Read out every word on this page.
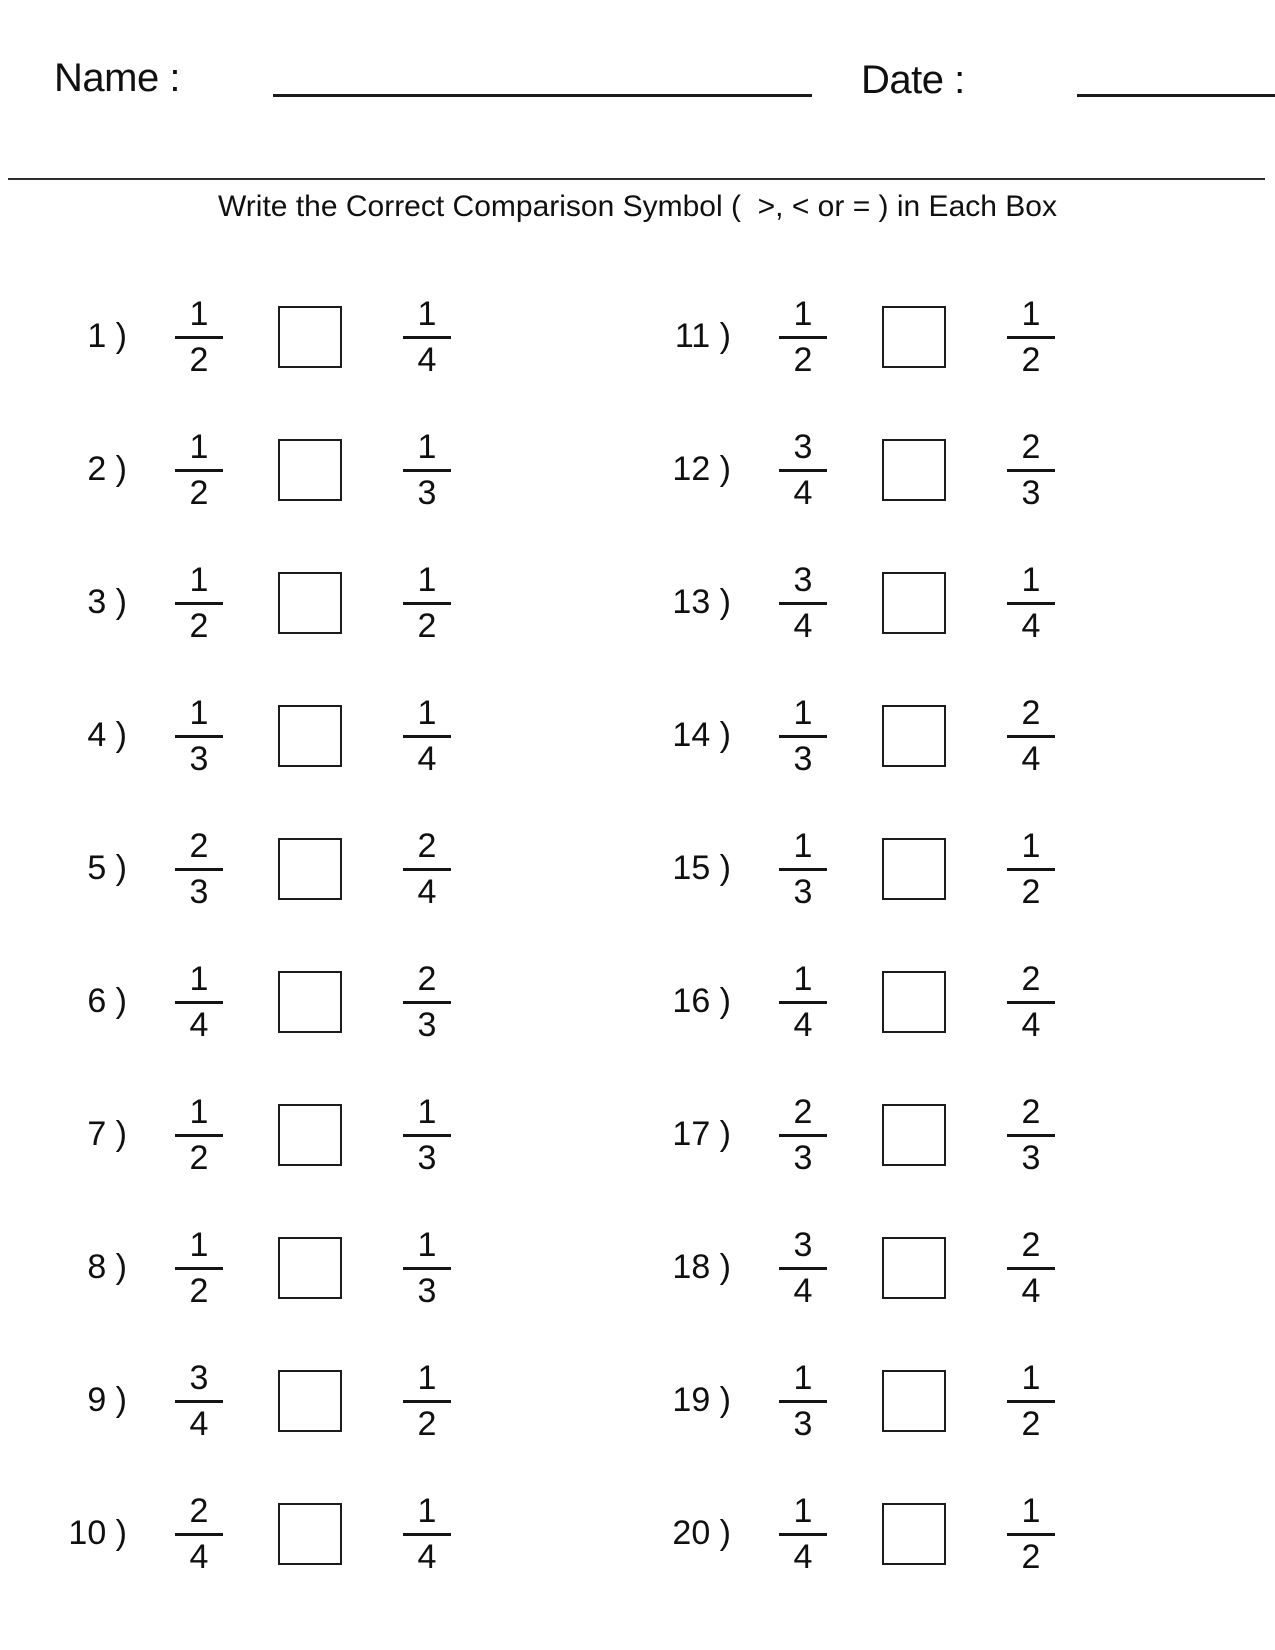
Name :	Date :
Write the Correct Comparison Symbol (  >, < or = ) in Each Box
1 ) $\frac{1}{2}$	$\frac{1}{4}$
2 ) $\frac{1}{2}$	$\frac{1}{3}$
3 ) $\frac{1}{2}$	$\frac{1}{2}$
4 ) $\frac{1}{3}$	$\frac{1}{4}$
5 ) $\frac{2}{3}$	$\frac{2}{4}$
6 ) $\frac{1}{4}$	$\frac{2}{3}$
7 ) $\frac{1}{2}$	$\frac{1}{3}$
8 ) $\frac{1}{2}$	$\frac{1}{3}$
9 ) $\frac{3}{4}$	$\frac{1}{2}$
10 ) $\frac{2}{4}$	$\frac{1}{4}$
11 ) $\frac{1}{2}$	$\frac{1}{2}$
12 ) $\frac{3}{4}$	$\frac{2}{3}$
13 ) $\frac{3}{4}$	$\frac{1}{4}$
14 ) $\frac{1}{3}$	$\frac{2}{4}$
15 ) $\frac{1}{3}$	$\frac{1}{2}$
16 ) $\frac{1}{4}$	$\frac{2}{4}$
17 ) $\frac{2}{3}$	$\frac{2}{3}$
18 ) $\frac{3}{4}$	$\frac{2}{4}$
19 ) $\frac{1}{3}$	$\frac{1}{2}$
20 ) $\frac{1}{4}$	$\frac{1}{2}$
